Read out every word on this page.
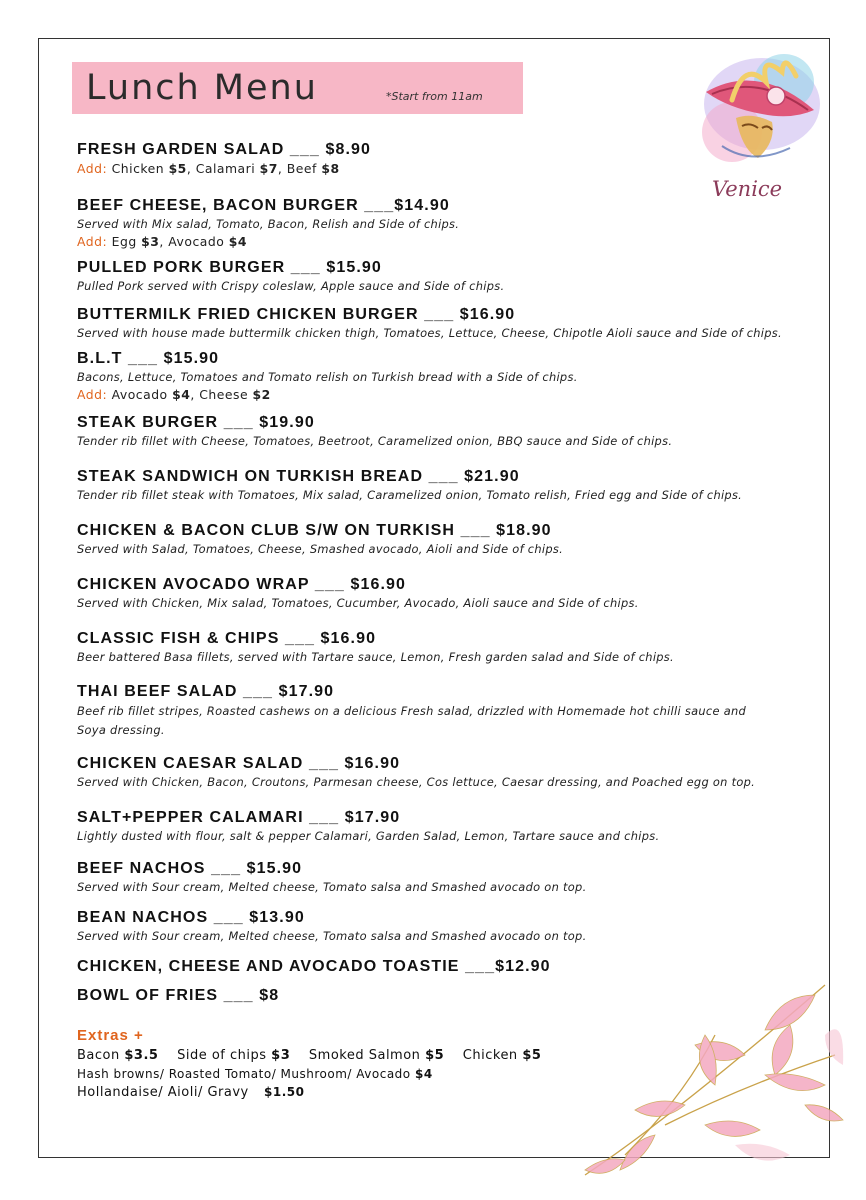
Lunch Menu	*Start from 11am
Venice
FRESH GARDEN SALAD ___ $8.90
Add: Chicken $5, Calamari $7, Beef $8
BEEF CHEESE, BACON BURGER ___$14.90
Served with Mix salad, Tomato, Bacon, Relish and Side of chips.
Add: Egg $3, Avocado $4
PULLED PORK BURGER ___ $15.90
Pulled Pork served with Crispy coleslaw, Apple sauce and Side of chips.
BUTTERMILK FRIED CHICKEN BURGER ___ $16.90
Served with house made buttermilk chicken thigh, Tomatoes, Lettuce, Cheese, Chipotle Aioli sauce and Side of chips.
B.L.T ___ $15.90
Bacons, Lettuce, Tomatoes and Tomato relish on Turkish bread with a Side of chips.
Add: Avocado $4, Cheese $2
STEAK BURGER ___ $19.90
Tender rib fillet with Cheese, Tomatoes, Beetroot, Caramelized onion, BBQ sauce and Side of chips.
STEAK SANDWICH ON TURKISH BREAD ___ $21.90
Tender rib fillet steak with Tomatoes, Mix salad, Caramelized onion, Tomato relish, Fried egg and Side of chips.
CHICKEN & BACON CLUB S/W ON TURKISH ___ $18.90
Served with Salad, Tomatoes, Cheese, Smashed avocado, Aioli and Side of chips.
CHICKEN AVOCADO WRAP ___ $16.90
Served with Chicken, Mix salad, Tomatoes, Cucumber, Avocado, Aioli sauce and Side of chips.
CLASSIC FISH & CHIPS ___ $16.90
Beer battered Basa fillets, served with Tartare sauce, Lemon, Fresh garden salad and Side of chips.
THAI BEEF SALAD ___ $17.90
Beef rib fillet stripes, Roasted cashews on a delicious Fresh salad, drizzled with Homemade hot chilli sauce and Soya dressing.
CHICKEN CAESAR SALAD ___ $16.90
Served with Chicken, Bacon, Croutons, Parmesan cheese, Cos lettuce, Caesar dressing, and Poached egg on top.
SALT+PEPPER CALAMARI ___ $17.90
Lightly dusted with flour, salt & pepper Calamari, Garden Salad, Lemon, Tartare sauce and chips.
BEEF NACHOS ___ $15.90
Served with Sour cream, Melted cheese, Tomato salsa and Smashed avocado on top.
BEAN NACHOS ___ $13.90
Served with Sour cream, Melted cheese, Tomato salsa and Smashed avocado on top.
CHICKEN, CHEESE AND AVOCADO TOASTIE ___$12.90
BOWL OF FRIES ___ $8
Extras +
Bacon $3.5 Side of chips $3 Smoked Salmon $5 Chicken $5
Hash browns/ Roasted Tomato/ Mushroom/ Avocado $4
Hollandaise/ Aioli/ Gravy $1.50
